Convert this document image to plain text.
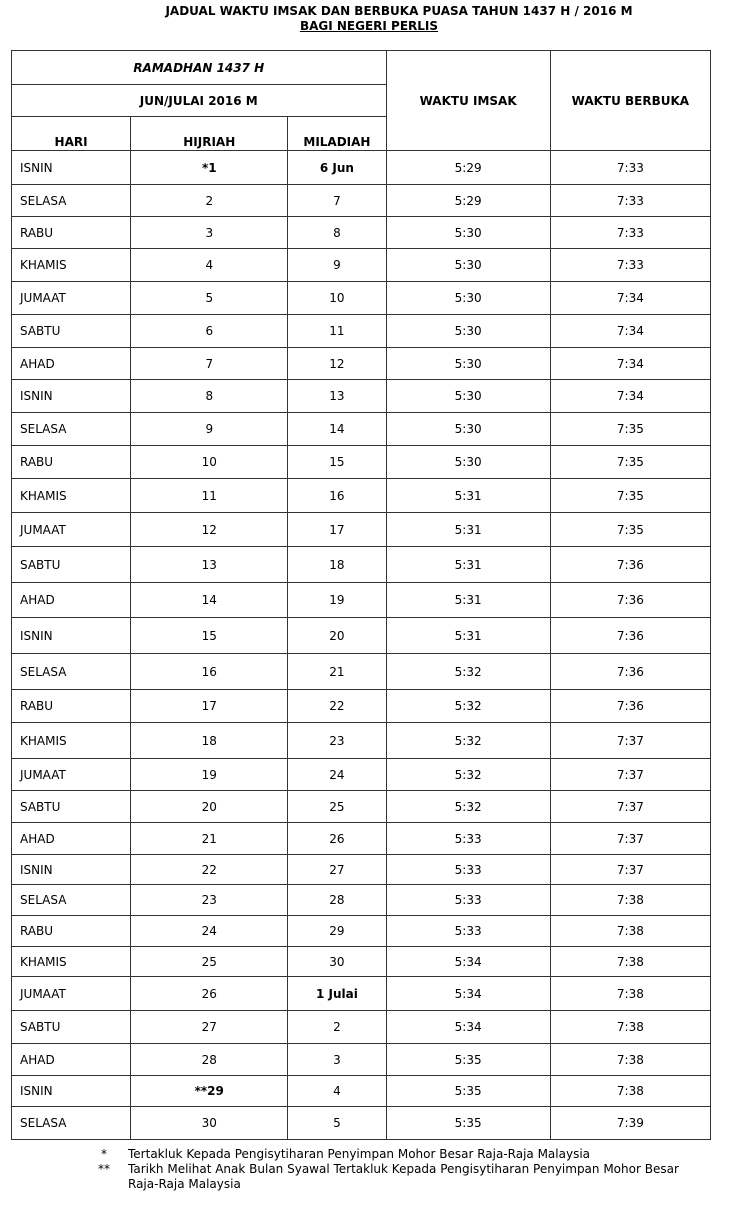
JADUAL WAKTU IMSAK DAN BERBUKA PUASA TAHUN 1437 H / 2016 M
BAGI NEGERI PERLIS
RAMADHAN 1437 H			WAKTU IMSAK	WAKTU BERBUKA
JUN/JULAI 2016 M				
HARI	HIJRIAH	MILADIAH		
ISNIN	*1	6 Jun	5:29	7:33
SELASA	2	7	5:29	7:33
RABU	3	8	5:30	7:33
KHAMIS	4	9	5:30	7:33
JUMAAT	5	10	5:30	7:34
SABTU	6	11	5:30	7:34
AHAD	7	12	5:30	7:34
ISNIN	8	13	5:30	7:34
SELASA	9	14	5:30	7:35
RABU	10	15	5:30	7:35
KHAMIS	11	16	5:31	7:35
JUMAAT	12	17	5:31	7:35
SABTU	13	18	5:31	7:36
AHAD	14	19	5:31	7:36
ISNIN	15	20	5:31	7:36
SELASA	16	21	5:32	7:36
RABU	17	22	5:32	7:36
KHAMIS	18	23	5:32	7:37
JUMAAT	19	24	5:32	7:37
SABTU	20	25	5:32	7:37
AHAD	21	26	5:33	7:37
ISNIN	22	27	5:33	7:37
SELASA	23	28	5:33	7:38
RABU	24	29	5:33	7:38
KHAMIS	25	30	5:34	7:38
JUMAAT	26	1 Julai	5:34	7:38
SABTU	27	2	5:34	7:38
AHAD	28	3	5:35	7:38
ISNIN	**29	4	5:35	7:38
SELASA	30	5	5:35	7:39
*	Tertakluk Kepada Pengisytiharan Penyimpan Mohor Besar Raja-Raja Malaysia
**	Tarikh Melihat Anak Bulan Syawal Tertakluk Kepada Pengisytiharan Penyimpan Mohor Besar Raja-Raja Malaysia
